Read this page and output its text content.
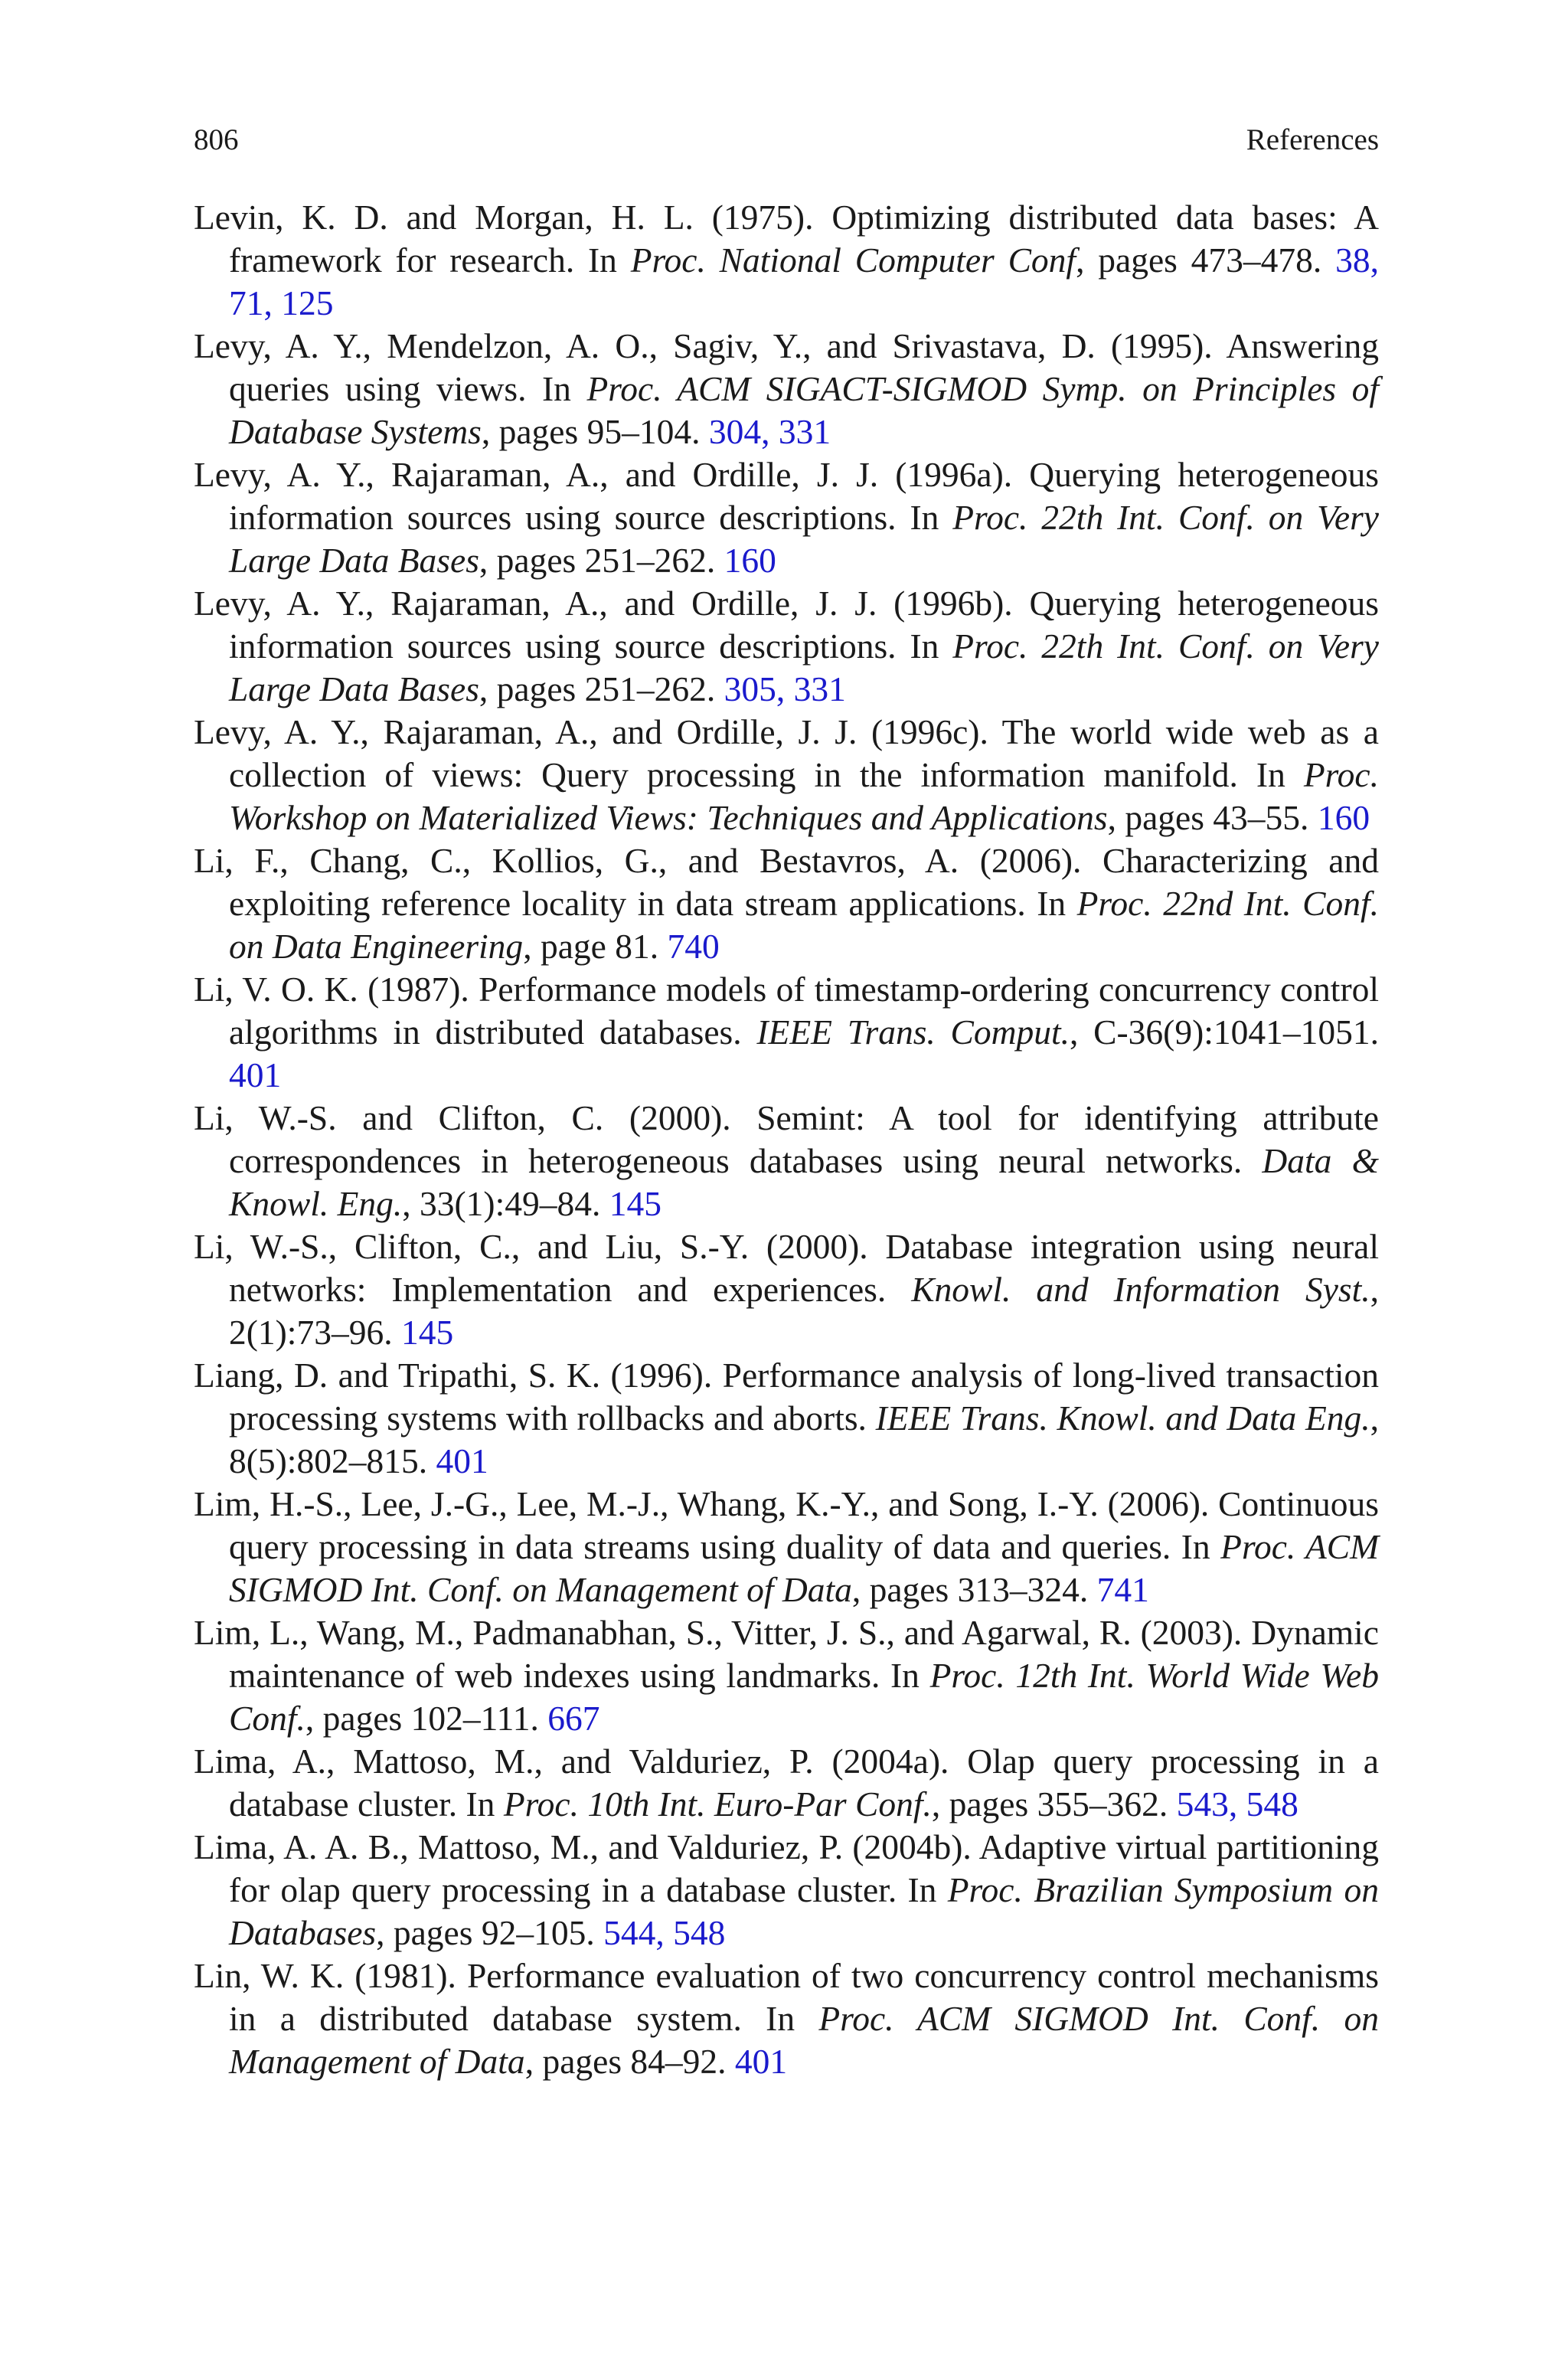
806	References

Levin, K. D. and Morgan, H. L. (1975). Optimizing distributed data bases: A framework for research. In Proc. National Computer Conf, pages 473–478. 38, 71, 125

Levy, A. Y., Mendelzon, A. O., Sagiv, Y., and Srivastava, D. (1995). Answering queries using views. In Proc. ACM SIGACT-SIGMOD Symp. on Principles of Database Systems, pages 95–104. 304, 331

Levy, A. Y., Rajaraman, A., and Ordille, J. J. (1996a). Querying heterogeneous information sources using source descriptions. In Proc. 22th Int. Conf. on Very Large Data Bases, pages 251–262. 160

Levy, A. Y., Rajaraman, A., and Ordille, J. J. (1996b). Querying heterogeneous information sources using source descriptions. In Proc. 22th Int. Conf. on Very Large Data Bases, pages 251–262. 305, 331

Levy, A. Y., Rajaraman, A., and Ordille, J. J. (1996c). The world wide web as a collection of views: Query processing in the information manifold. In Proc. Workshop on Materialized Views: Techniques and Applications, pages 43–55. 160

Li, F., Chang, C., Kollios, G., and Bestavros, A. (2006). Characterizing and exploiting reference locality in data stream applications. In Proc. 22nd Int. Conf. on Data Engineering, page 81. 740

Li, V. O. K. (1987). Performance models of timestamp-ordering concurrency control algorithms in distributed databases. IEEE Trans. Comput., C-36(9):1041–1051. 401

Li, W.-S. and Clifton, C. (2000). Semint: A tool for identifying attribute correspondences in heterogeneous databases using neural networks. Data & Knowl. Eng., 33(1):49–84. 145

Li, W.-S., Clifton, C., and Liu, S.-Y. (2000). Database integration using neural networks: Implementation and experiences. Knowl. and Information Syst., 2(1):73–96. 145

Liang, D. and Tripathi, S. K. (1996). Performance analysis of long-lived transaction processing systems with rollbacks and aborts. IEEE Trans. Knowl. and Data Eng., 8(5):802–815. 401

Lim, H.-S., Lee, J.-G., Lee, M.-J., Whang, K.-Y., and Song, I.-Y. (2006). Continuous query processing in data streams using duality of data and queries. In Proc. ACM SIGMOD Int. Conf. on Management of Data, pages 313–324. 741

Lim, L., Wang, M., Padmanabhan, S., Vitter, J. S., and Agarwal, R. (2003). Dynamic maintenance of web indexes using landmarks. In Proc. 12th Int. World Wide Web Conf., pages 102–111. 667

Lima, A., Mattoso, M., and Valduriez, P. (2004a). Olap query processing in a database cluster. In Proc. 10th Int. Euro-Par Conf., pages 355–362. 543, 548

Lima, A. A. B., Mattoso, M., and Valduriez, P. (2004b). Adaptive virtual partitioning for olap query processing in a database cluster. In Proc. Brazilian Symposium on Databases, pages 92–105. 544, 548

Lin, W. K. (1981). Performance evaluation of two concurrency control mechanisms in a distributed database system. In Proc. ACM SIGMOD Int. Conf. on Management of Data, pages 84–92. 401
